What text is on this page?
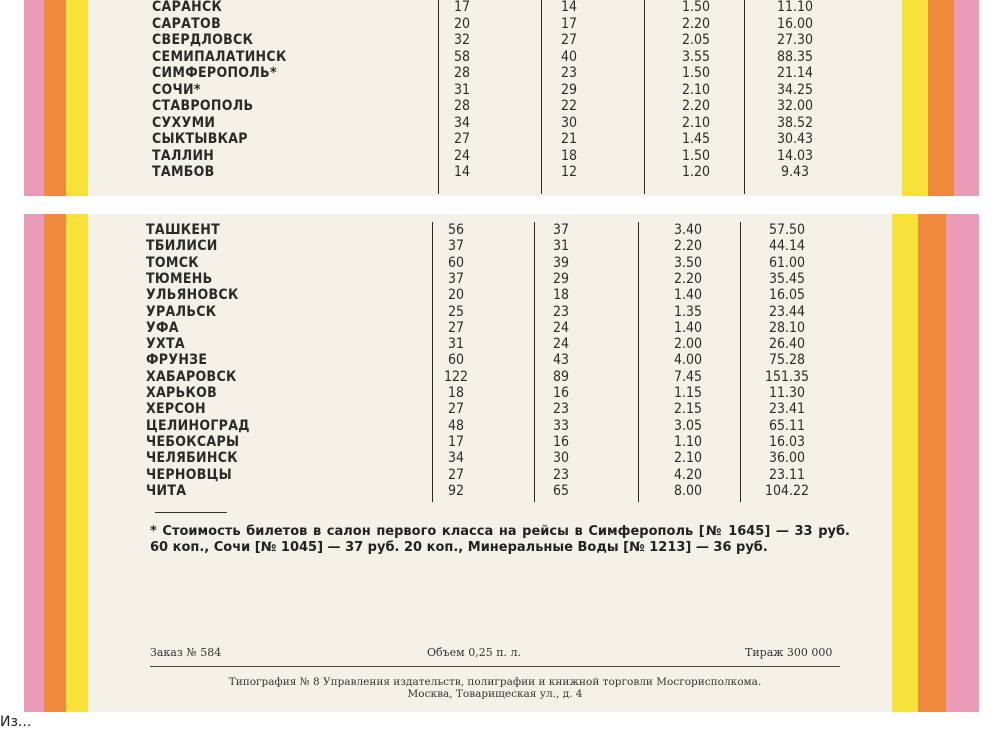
САРАНСК	17	14	1.50	11.10
САРАТОВ	20	17	2.20	16.00
СВЕРДЛОВСК	32	27	2.05	27.30
СЕМИПАЛАТИНСК	58	40	3.55	88.35
СИМФЕРОПОЛЬ*	28	23	1.50	21.14
СОЧИ*	31	29	2.10	34.25
СТАВРОПОЛЬ	28	22	2.20	32.00
СУХУМИ	34	30	2.10	38.52
СЫКТЫВКАР	27	21	1.45	30.43
ТАЛЛИН	24	18	1.50	14.03
ТАМБОВ	14	12	1.20	9.43
ТАШКЕНТ	56	37	3.40	57.50
ТБИЛИСИ	37	31	2.20	44.14
ТОМСК	60	39	3.50	61.00
ТЮМЕНЬ	37	29	2.20	35.45
УЛЬЯНОВСК	20	18	1.40	16.05
УРАЛЬСК	25	23	1.35	23.44
УФА	27	24	1.40	28.10
УХТА	31	24	2.00	26.40
ФРУНЗЕ	60	43	4.00	75.28
ХАБАРОВСК	122	89	7.45	151.35
ХАРЬКОВ	18	16	1.15	11.30
ХЕРСОН	27	23	2.15	23.41
ЦЕЛИНОГРАД	48	33	3.05	65.11
ЧЕБОКСАРЫ	17	16	1.10	16.03
ЧЕЛЯБИНСК	34	30	2.10	36.00
ЧЕРНОВЦЫ	27	23	4.20	23.11
ЧИТА	92	65	8.00	104.22
* Стоимость билетов в салон первого класса на рейсы в Симферополь [№ 1645] — 33 руб. 60 коп., Сочи [№ 1045] — 37 руб. 20 коп., Минеральные Воды [№ 1213] — 36 руб.
Заказ № 584	Объем 0,25 п. л.	Тираж 300 000
Типография № 8 Управления издательств, полиграфии и книжной торговли Мосгорисполкома.
Москва, Товарищеская ул., д. 4
Из...
